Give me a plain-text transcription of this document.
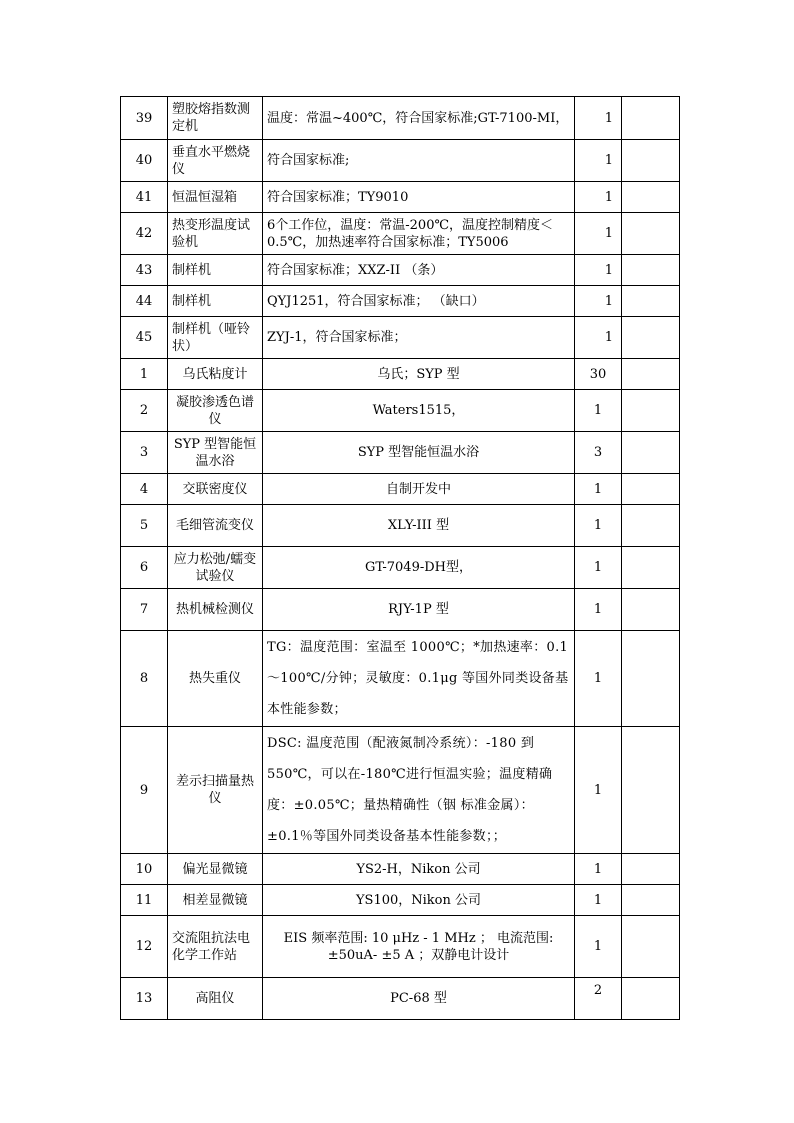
39	塑胶熔指数测定机	温度：常温~400℃，符合国家标准;GT-7100-MI，	1	
40	垂直水平燃烧仪	符合国家标准;	1	
41	恒温恒湿箱	符合国家标准；TY9010	1	
42	热变形温度试验机	6个工作位，温度：常温-200℃，温度控制精度＜0.5℃，加热速率符合国家标准；TY5006	1	
43	制样机	符合国家标准；XXZ-II （条）	1	
44	制样机	QYJ1251，符合国家标准； （缺口）	1	
45	制样机（哑铃状）	ZYJ-1，符合国家标准；	1	
1	乌氏粘度计	乌氏；SYP 型	30	
2	凝胶渗透色谱仪	Waters1515，	1	
3	SYP 型智能恒温水浴	SYP 型智能恒温水浴	3	
4	交联密度仪	自制开发中	1	
5	毛细管流变仪	XLY-III 型	1	
6	应力松弛/蠕变试验仪	GT-7049-DH型，	1	
7	热机械检测仪	RJY-1P 型	1	
8	热失重仪	TG：温度范围：室温至 1000℃；*加热速率：0.1～100℃/分钟；灵敏度：0.1μg 等国外同类设备基本性能参数；	1	
9	差示扫描量热仪	DSC: 温度范围（配液氮制冷系统）：-180 到 550℃，可以在-180℃进行恒温实验；温度精确度：±0.05℃；量热精确性（铟 标准金属）：±0.1％等国外同类设备基本性能参数；；	1	
10	偏光显微镜	YS2-H，Nikon 公司	1	
11	相差显微镜	YS100，Nikon 公司	1	
12	交流阻抗法电化学工作站	EIS 频率范围: 10 μHz - 1 MHz ； 电流范围: ±50uA- ±5 A ；双静电计设计	1	
13	高阻仪	PC-68 型	2	
